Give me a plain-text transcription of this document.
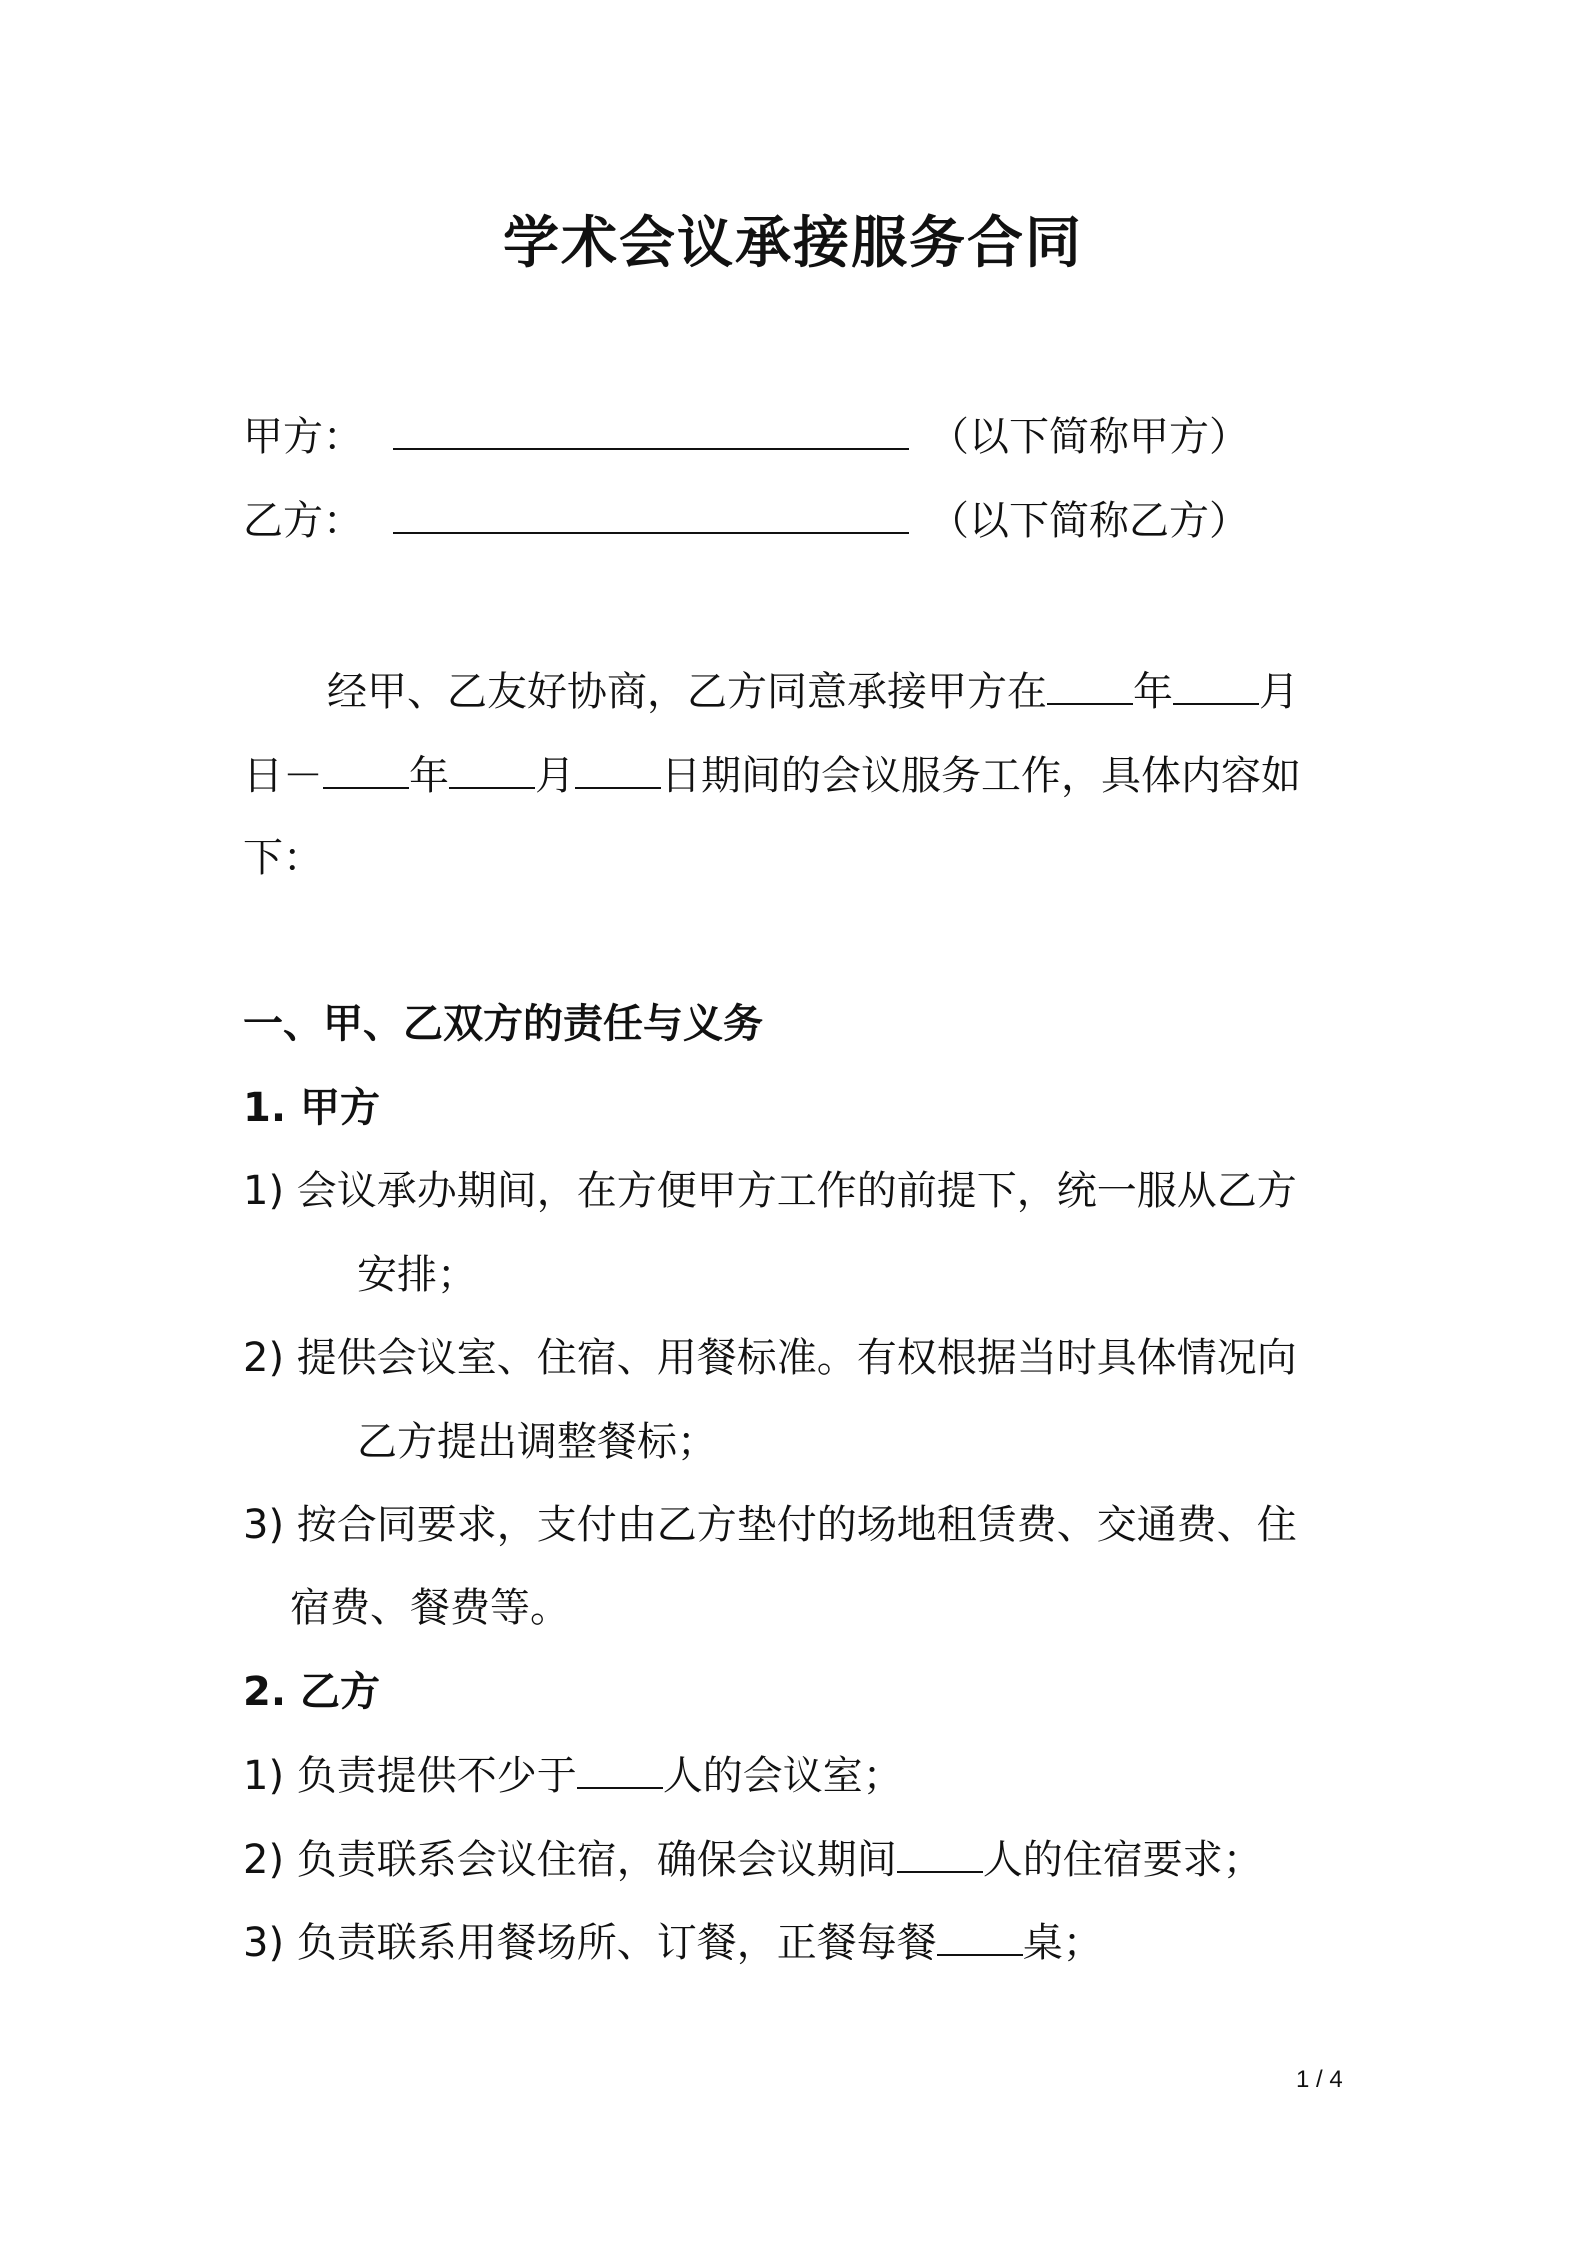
学术会议承接服务合同
甲方：	（以下简称甲方）
乙方：	（以下简称乙方）
经甲、乙友好协商，乙方同意承接甲方在 年 月
日－ 年 月 日期间的会议服务工作，具体内容如
下：
一、甲、乙双方的责任与义务
1. 甲方
1) 会议承办期间，在方便甲方工作的前提下，统一服从乙方
安排；
2) 提供会议室、住宿、用餐标准。有权根据当时具体情况向
乙方提出调整餐标；
3) 按合同要求，支付由乙方垫付的场地租赁费、交通费、住
宿费、餐费等。
2. 乙方
1) 负责提供不少于 人的会议室；
2) 负责联系会议住宿，确保会议期间 人的住宿要求；
3) 负责联系用餐场所、订餐，正餐每餐 桌；
1 / 4
